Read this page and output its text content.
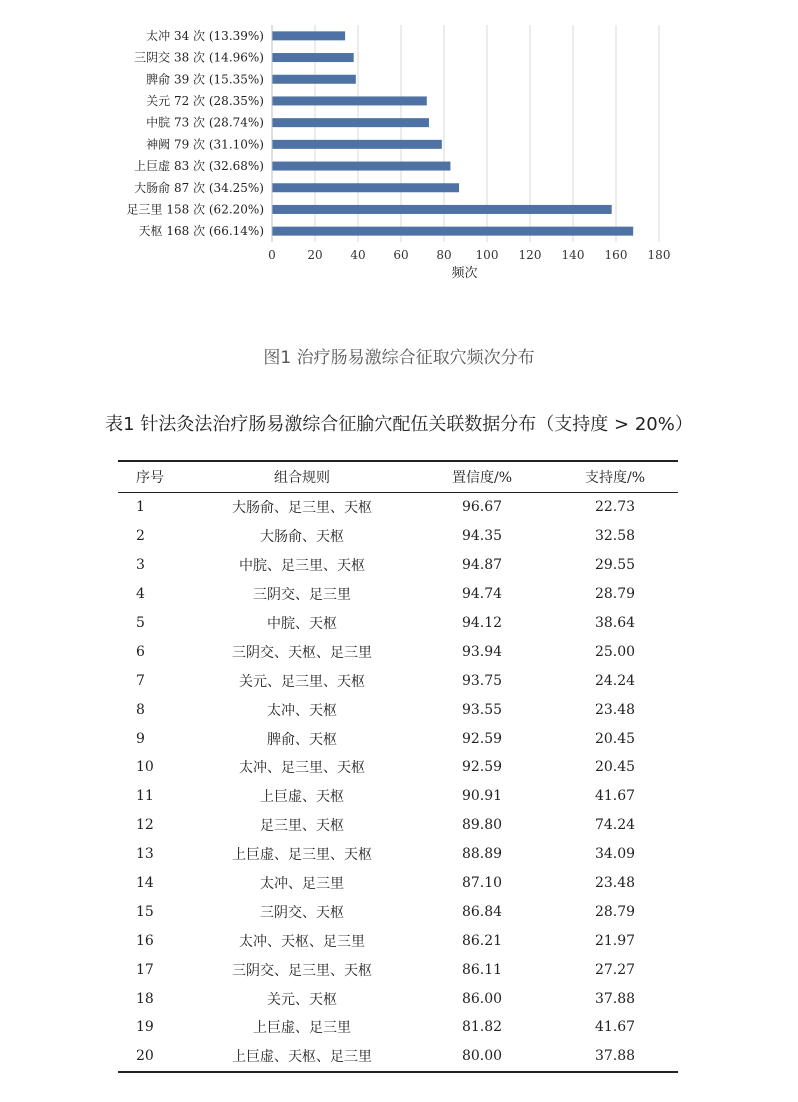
太冲 34 次 (13.39%)
三阴交 38 次 (14.96%)
脾俞 39 次 (15.35%)
关元 72 次 (28.35%)
中脘 73 次 (28.74%)
神阙 79 次 (31.10%)
上巨虚 83 次 (32.68%)
大肠俞 87 次 (34.25%)
足三里 158 次 (62.20%)
天枢 168 次 (66.14%)
0	20 40 60 80 100 120 140 160 180
频次
图1 治疗肠易激综合征取穴频次分布
表1 针法灸法治疗肠易激综合征腧穴配伍关联数据分布（支持度 > 20%）
序号	组合规则	置信度/%	支持度/%
1	大肠俞、足三里、天枢	96.67	22.73
2	大肠俞、天枢	94.35	32.58
3	中脘、足三里、天枢	94.87	29.55
4	三阴交、足三里	94.74	28.79
5	中脘、天枢	94.12	38.64
6	三阴交、天枢、足三里	93.94	25.00
7	关元、足三里、天枢	93.75	24.24
8	太冲、天枢	93.55	23.48
9	脾俞、天枢	92.59	20.45
10	太冲、足三里、天枢	92.59	20.45
11	上巨虚、天枢	90.91	41.67
12	足三里、天枢	89.80	74.24
13	上巨虚、足三里、天枢	88.89	34.09
14	太冲、足三里	87.10	23.48
15	三阴交、天枢	86.84	28.79
16	太冲、天枢、足三里	86.21	21.97
17	三阴交、足三里、天枢	86.11	27.27
18	关元、天枢	86.00	37.88
19	上巨虚、足三里	81.82	41.67
20	上巨虚、天枢、足三里	80.00	37.88
